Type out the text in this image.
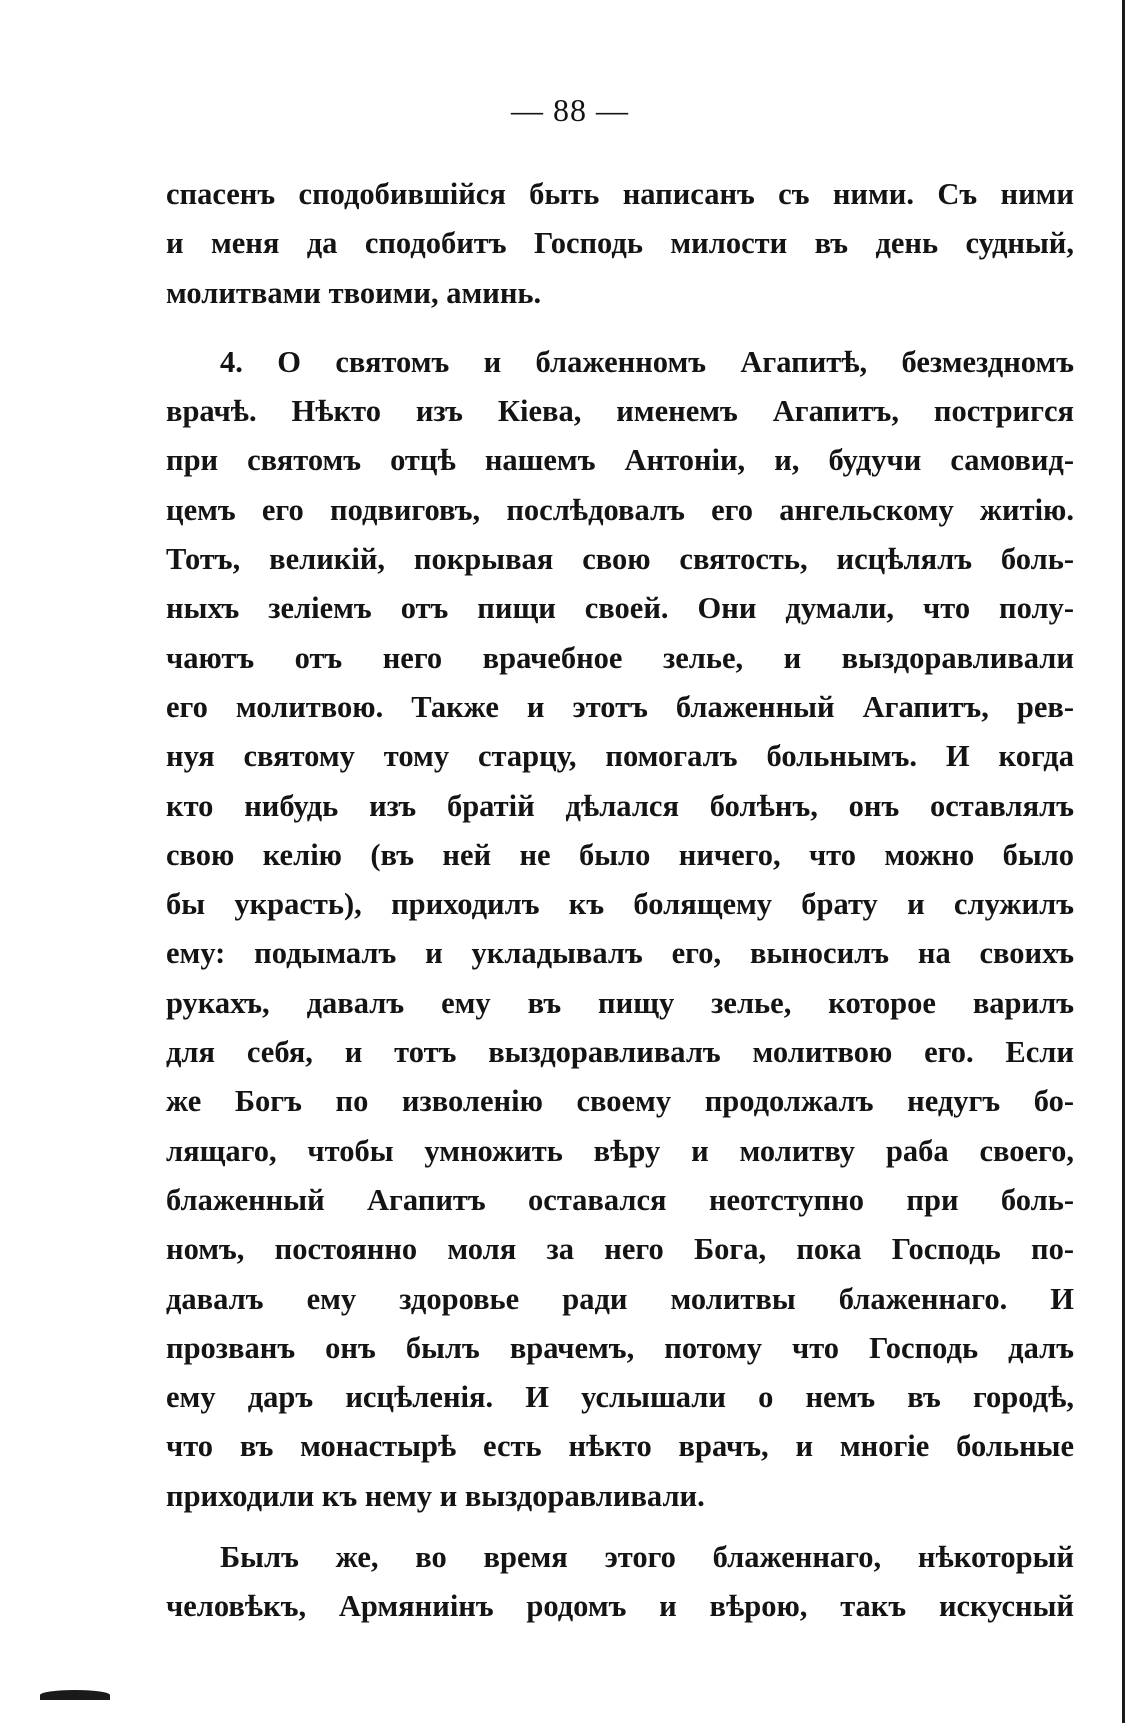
— 88 —
спасенъ сподобившійся быть написанъ съ ними. Съ ними
и меня да сподобитъ Господь милости въ день судный,
молитвами твоими, аминь.
4. О святомъ и блаженномъ Агапитѣ, безмездномъ
врачѣ. Нѣкто изъ Кіева, именемъ Агапитъ, постригся
при святомъ отцѣ нашемъ Антоніи, и, будучи самовид-
цемъ его подвиговъ, послѣдовалъ его ангельскому житію.
Тотъ, великій, покрывая свою святость, исцѣлялъ боль-
ныхъ зеліемъ отъ пищи своей. Они думали, что полу-
чаютъ отъ него врачебное зелье, и выздоравливали
его молитвою. Также и этотъ блаженный Агапитъ, рев-
нуя святому тому старцу, помогалъ больнымъ. И когда
кто нибудь изъ братій дѣлался болѣнъ, онъ оставлялъ
свою келію (въ ней не было ничего, что можно было
бы украсть), приходилъ къ болящему брату и служилъ
ему: подымалъ и укладывалъ его, выносилъ на своихъ
рукахъ, давалъ ему въ пищу зелье, которое варилъ
для себя, и тотъ выздоравливалъ молитвою его. Если
же Богъ по изволенію своему продолжалъ недугъ бо-
лящаго, чтобы умножить вѣру и молитву раба своего,
блаженный Агапитъ оставался неотступно при боль-
номъ, постоянно моля за него Бога, пока Господь по-
давалъ ему здоровье ради молитвы блаженнаго. И
прозванъ онъ былъ врачемъ, потому что Господь далъ
ему даръ исцѣленія. И услышали о немъ въ городѣ,
что въ монастырѣ есть нѣкто врачъ, и многіе больные
приходили къ нему и выздоравливали.
Былъ же, во время этого блаженнаго, нѣкоторый
человѣкъ, Армяниінъ родомъ и вѣрою, такъ искусный
